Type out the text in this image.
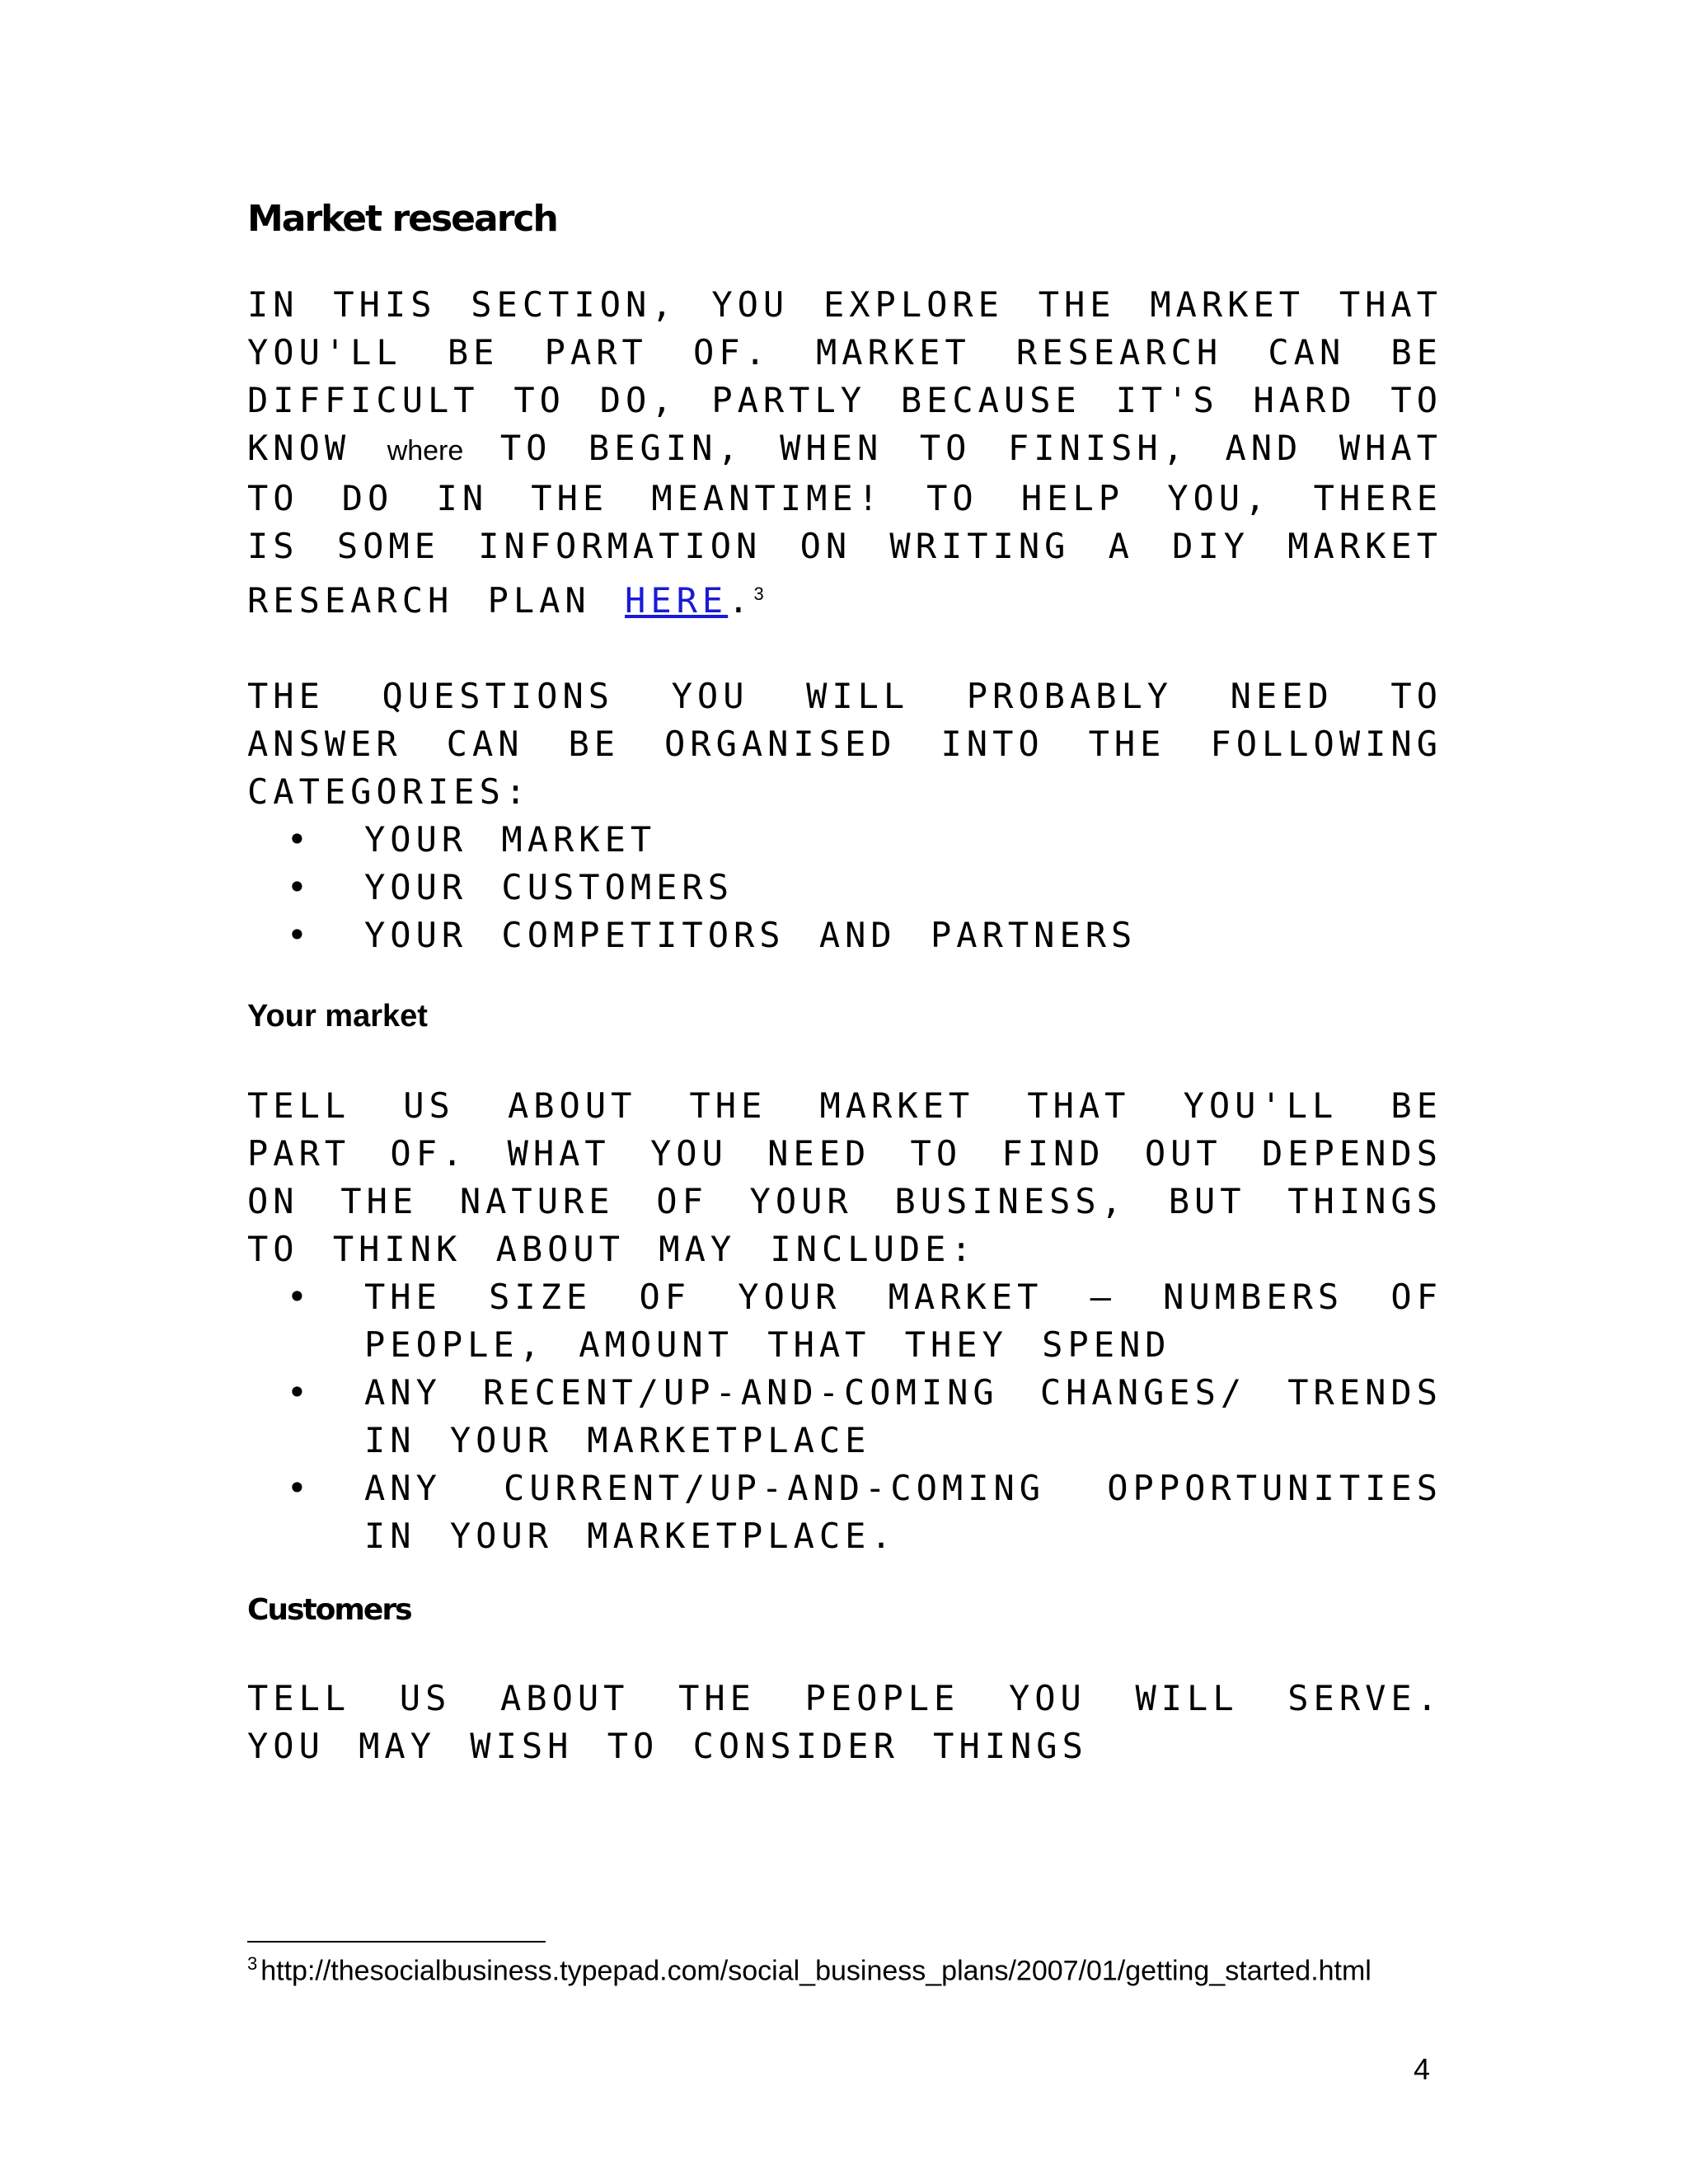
Market research

IN THIS SECTION, YOU EXPLORE THE MARKET THAT YOU'LL BE PART OF. MARKET RESEARCH CAN BE DIFFICULT TO DO, PARTLY BECAUSE IT'S HARD TO KNOW where TO BEGIN, WHEN TO FINISH, AND WHAT TO DO IN THE MEANTIME! TO HELP YOU, THERE IS SOME INFORMATION ON WRITING A DIY MARKET RESEARCH PLAN HERE.$^3$

THE QUESTIONS YOU WILL PROBABLY NEED TO ANSWER CAN BE ORGANISED INTO THE FOLLOWING CATEGORIES:

• YOUR MARKET
• YOUR CUSTOMERS
• YOUR COMPETITORS AND PARTNERS
Your market

TELL US ABOUT THE MARKET THAT YOU'LL BE PART OF. WHAT YOU NEED TO FIND OUT DEPENDS ON THE NATURE OF YOUR BUSINESS, BUT THINGS TO THINK ABOUT MAY INCLUDE:

• THE SIZE OF YOUR MARKET – NUMBERS OF PEOPLE, AMOUNT THAT THEY SPEND
• ANY RECENT/UP-AND-COMING CHANGES/ TRENDS IN YOUR MARKETPLACE
• ANY CURRENT/UP-AND-COMING OPPORTUNITIES IN YOUR MARKETPLACE.
Customers

TELL US ABOUT THE PEOPLE YOU WILL SERVE. YOU MAY WISH TO CONSIDER THINGS

$^3$ http://thesocialbusiness.typepad.com/social_business_plans/2007/01/getting_started.html
4
